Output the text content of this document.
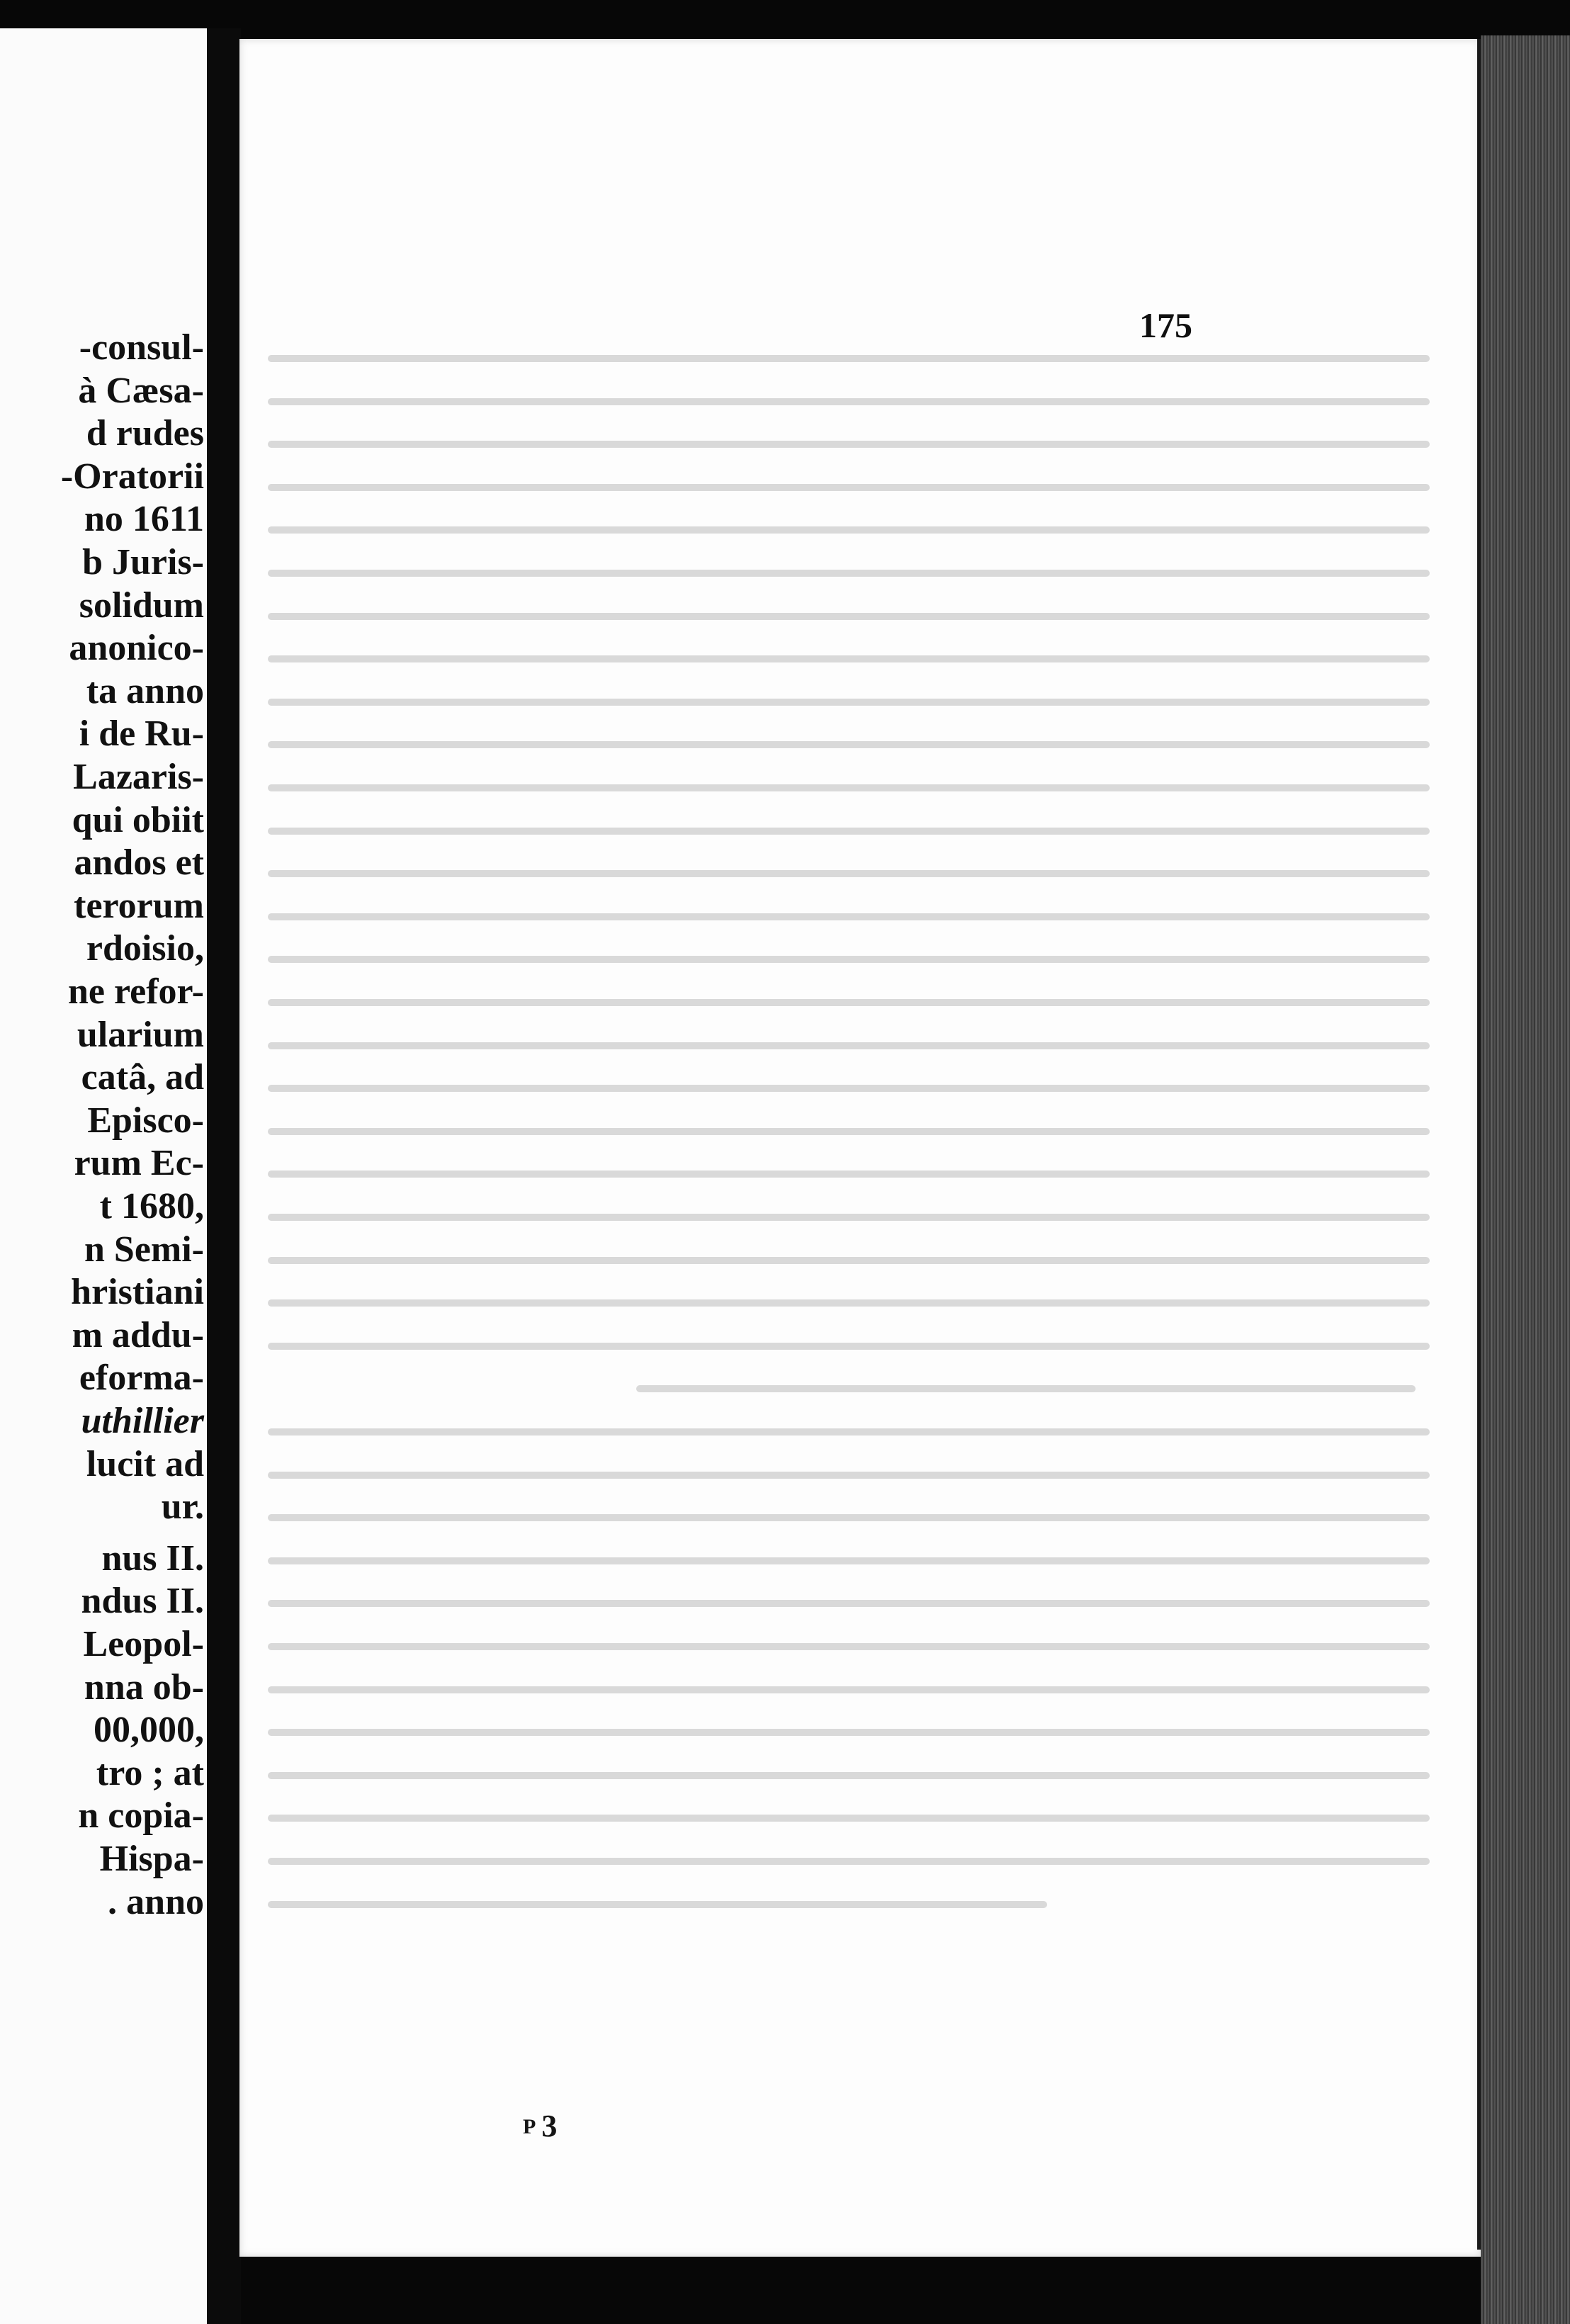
-consul-
à Cæsa-
d rudes
-Oratorii
no 1611
b Juris-
solidum
anonico-
ta anno
i de Ru-
Lazaris-
qui obiit
andos et
terorum
rdoisio,
ne refor-
ularium
catâ, ad
Episco-
rum Ec-
t 1680,
n Semi-
hristiani
m addu-
eforma-
uthillier
lucit ad
ur.
nus II.
ndus II.
Leopol-
nna ob-
00,000,
tro ; at
n copia-
Hispa-
. anno
175
P 3
